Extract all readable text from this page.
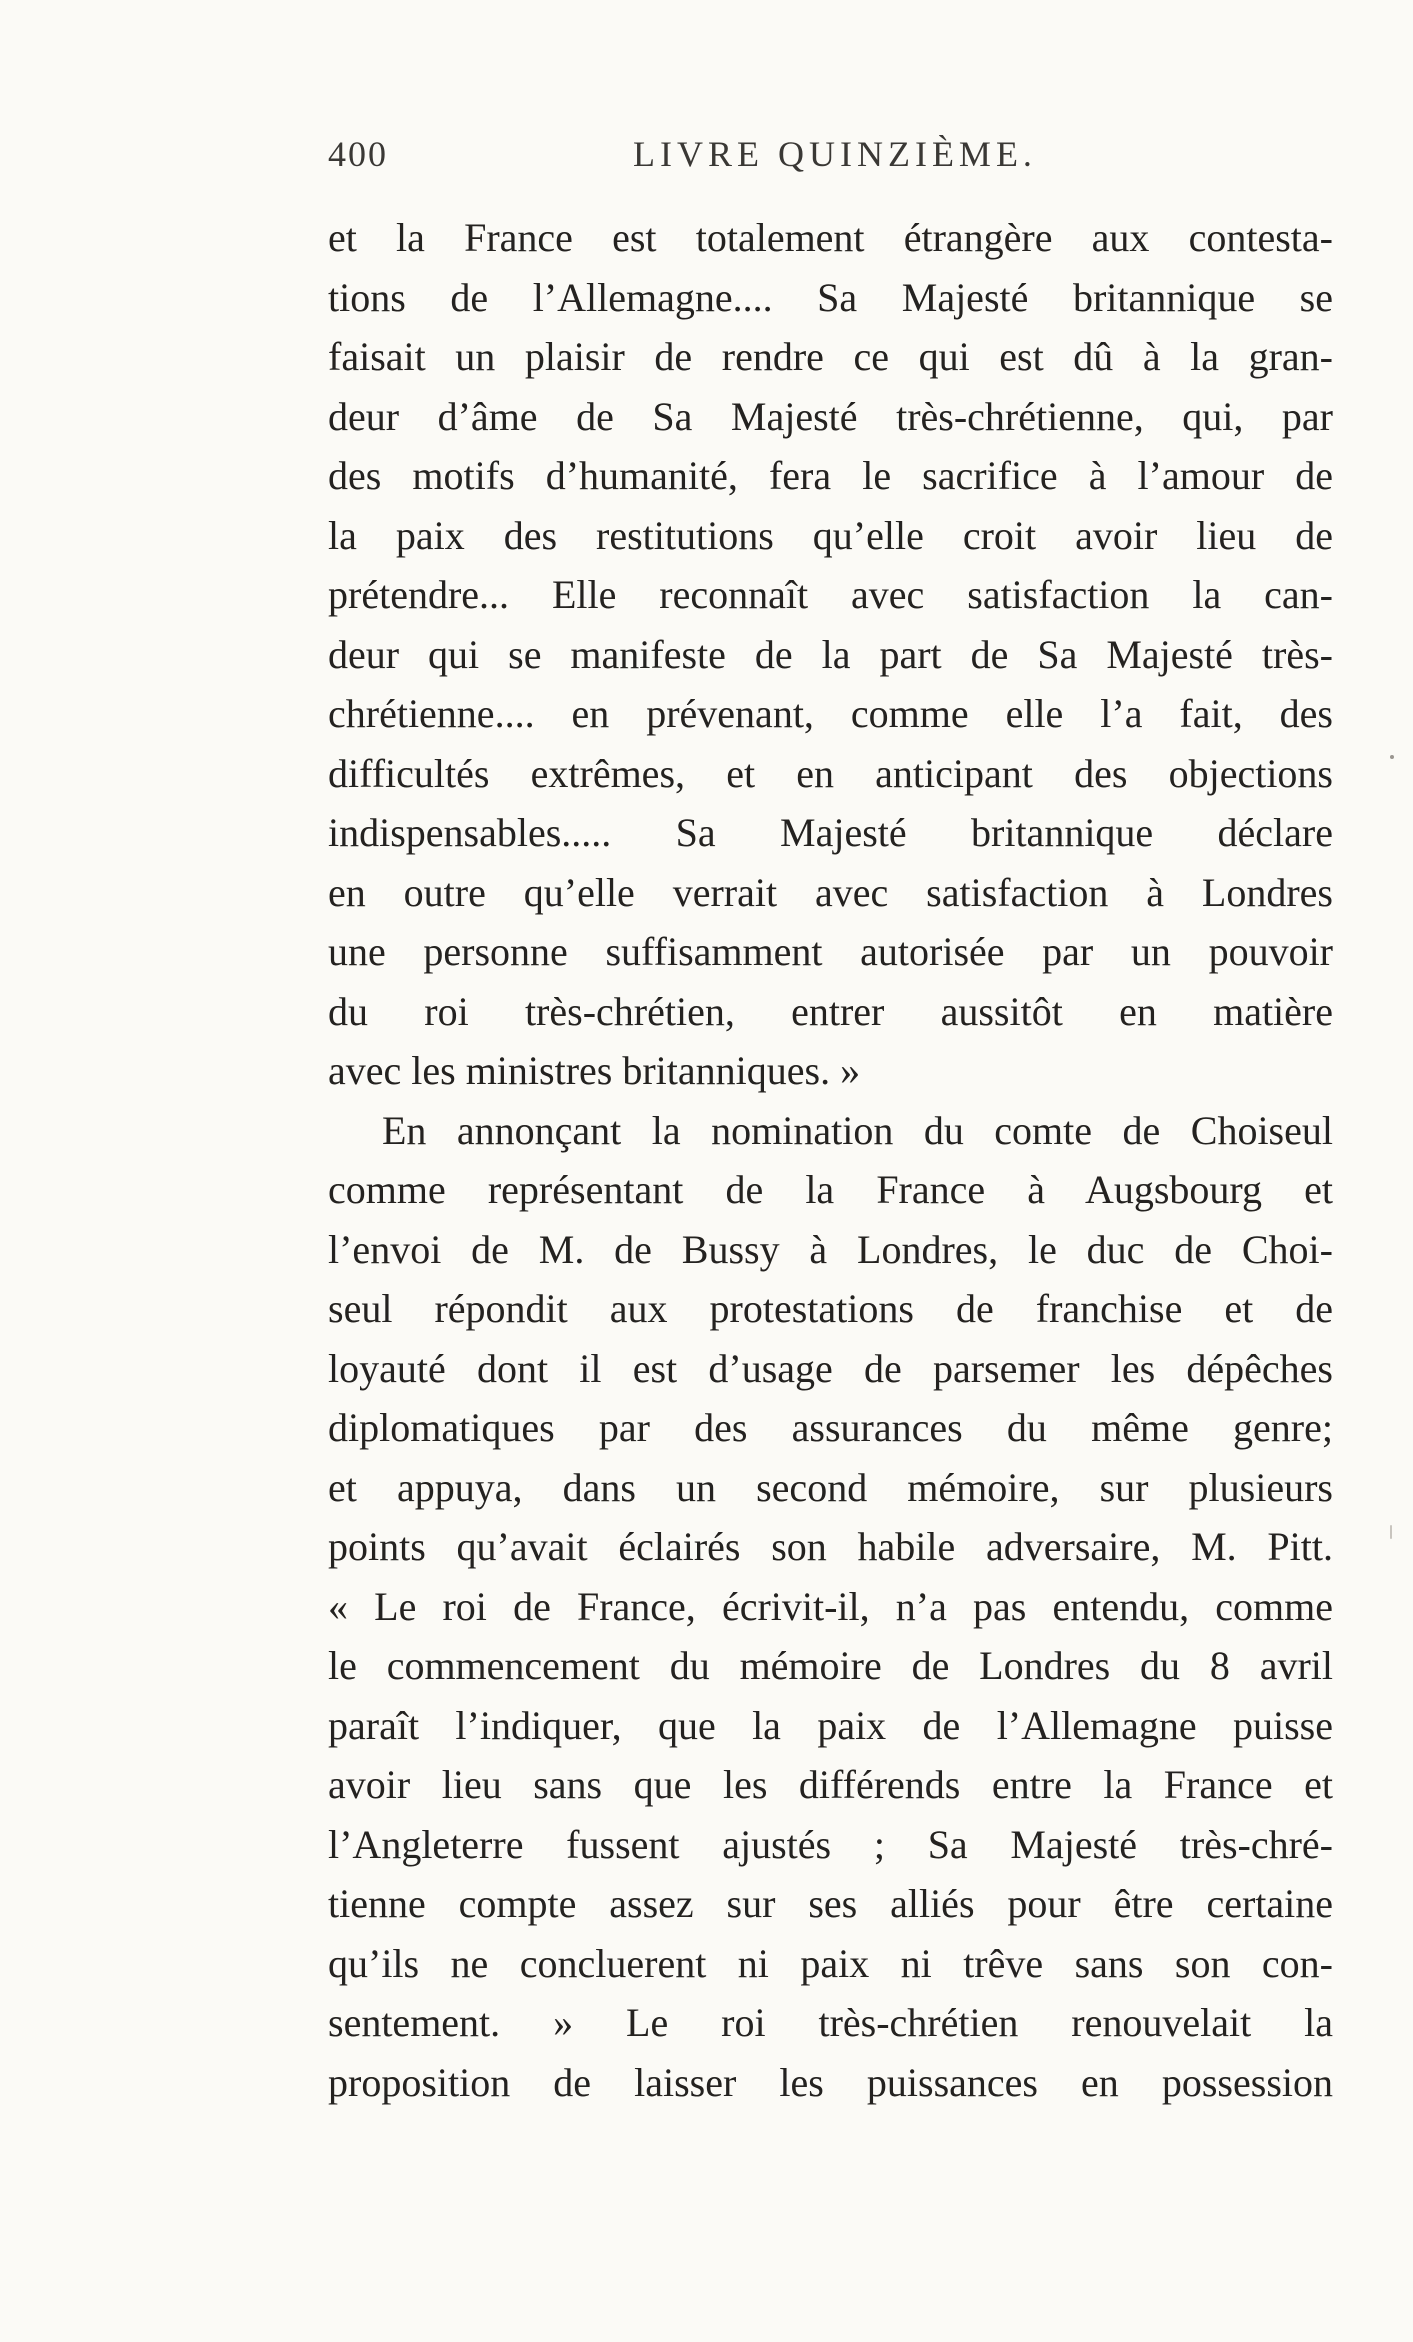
400	LIVRE QUINZIÈME.
et la France est totalement étrangère aux contesta-
tions de l’Allemagne.... Sa Majesté britannique se
faisait un plaisir de rendre ce qui est dû à la gran-
deur d’âme de Sa Majesté très-chrétienne, qui, par
des motifs d’humanité, fera le sacrifice à l’amour de
la paix des restitutions qu’elle croit avoir lieu de
prétendre... Elle reconnaît avec satisfaction la can-
deur qui se manifeste de la part de Sa Majesté très-
chrétienne.... en prévenant, comme elle l’a fait, des
difficultés extrêmes, et en anticipant des objections
indispensables..... Sa Majesté britannique déclare
en outre qu’elle verrait avec satisfaction à Londres
une personne suffisamment autorisée par un pouvoir
du roi très-chrétien, entrer aussitôt en matière
avec les ministres britanniques. »
En annonçant la nomination du comte de Choiseul
comme représentant de la France à Augsbourg et
l’envoi de M. de Bussy à Londres, le duc de Choi-
seul répondit aux protestations de franchise et de
loyauté dont il est d’usage de parsemer les dépêches
diplomatiques par des assurances du même genre;
et appuya, dans un second mémoire, sur plusieurs
points qu’avait éclairés son habile adversaire, M. Pitt.
« Le roi de France, écrivit-il, n’a pas entendu, comme
le commencement du mémoire de Londres du 8 avril
paraît l’indiquer, que la paix de l’Allemagne puisse
avoir lieu sans que les différends entre la France et
l’Angleterre fussent ajustés ; Sa Majesté très-chré-
tienne compte assez sur ses alliés pour être certaine
qu’ils ne concluerent ni paix ni trêve sans son con-
sentement. » Le roi très-chrétien renouvelait la
proposition de laisser les puissances en possession
